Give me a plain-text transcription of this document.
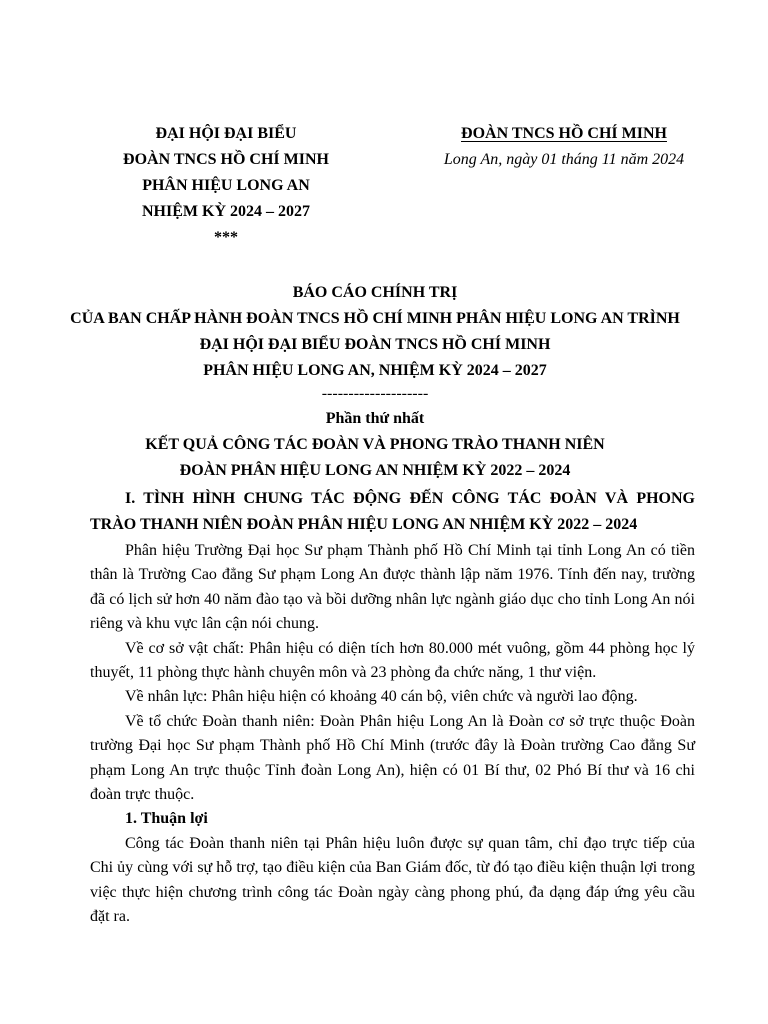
ĐẠI HỘI ĐẠI BIỂU
ĐOÀN TNCS HỒ CHÍ MINH
PHÂN HIỆU LONG AN
NHIỆM KỲ 2024 – 2027
***
ĐOÀN TNCS HỒ CHÍ MINH
Long An, ngày 01 tháng 11 năm 2024
BÁO CÁO CHÍNH TRỊ
CỦA BAN CHẤP HÀNH ĐOÀN TNCS HỒ CHÍ MINH PHÂN HIỆU LONG AN TRÌNH
ĐẠI HỘI ĐẠI BIỂU ĐOÀN TNCS HỒ CHÍ MINH
PHÂN HIỆU LONG AN, NHIỆM KỲ 2024 – 2027
--------------------
Phần thứ nhất
KẾT QUẢ CÔNG TÁC ĐOÀN VÀ PHONG TRÀO THANH NIÊN
ĐOÀN PHÂN HIỆU LONG AN NHIỆM KỲ 2022 – 2024
I. TÌNH HÌNH CHUNG TÁC ĐỘNG ĐẾN CÔNG TÁC ĐOÀN VÀ PHONG TRÀO THANH NIÊN ĐOÀN PHÂN HIỆU LONG AN NHIỆM KỲ 2022 – 2024

Phân hiệu Trường Đại học Sư phạm Thành phố Hồ Chí Minh tại tỉnh Long An có tiền thân là Trường Cao đẳng Sư phạm Long An được thành lập năm 1976. Tính đến nay, trường đã có lịch sử hơn 40 năm đào tạo và bồi dưỡng nhân lực ngành giáo dục cho tỉnh Long An nói riêng và khu vực lân cận nói chung.

Về cơ sở vật chất: Phân hiệu có diện tích hơn 80.000 mét vuông, gồm 44 phòng học lý thuyết, 11 phòng thực hành chuyên môn và 23 phòng đa chức năng, 1 thư viện.

Về nhân lực: Phân hiệu hiện có khoảng 40 cán bộ, viên chức và người lao động.

Về tổ chức Đoàn thanh niên: Đoàn Phân hiệu Long An là Đoàn cơ sở trực thuộc Đoàn trường Đại học Sư phạm Thành phố Hồ Chí Minh (trước đây là Đoàn trường Cao đẳng Sư phạm Long An trực thuộc Tỉnh đoàn Long An), hiện có 01 Bí thư, 02 Phó Bí thư và 16 chi đoàn trực thuộc.

1. Thuận lợi

Công tác Đoàn thanh niên tại Phân hiệu luôn được sự quan tâm, chỉ đạo trực tiếp của Chi ủy cùng với sự hỗ trợ, tạo điều kiện của Ban Giám đốc, từ đó tạo điều kiện thuận lợi trong việc thực hiện chương trình công tác Đoàn ngày càng phong phú, đa dạng đáp ứng yêu cầu đặt ra.
